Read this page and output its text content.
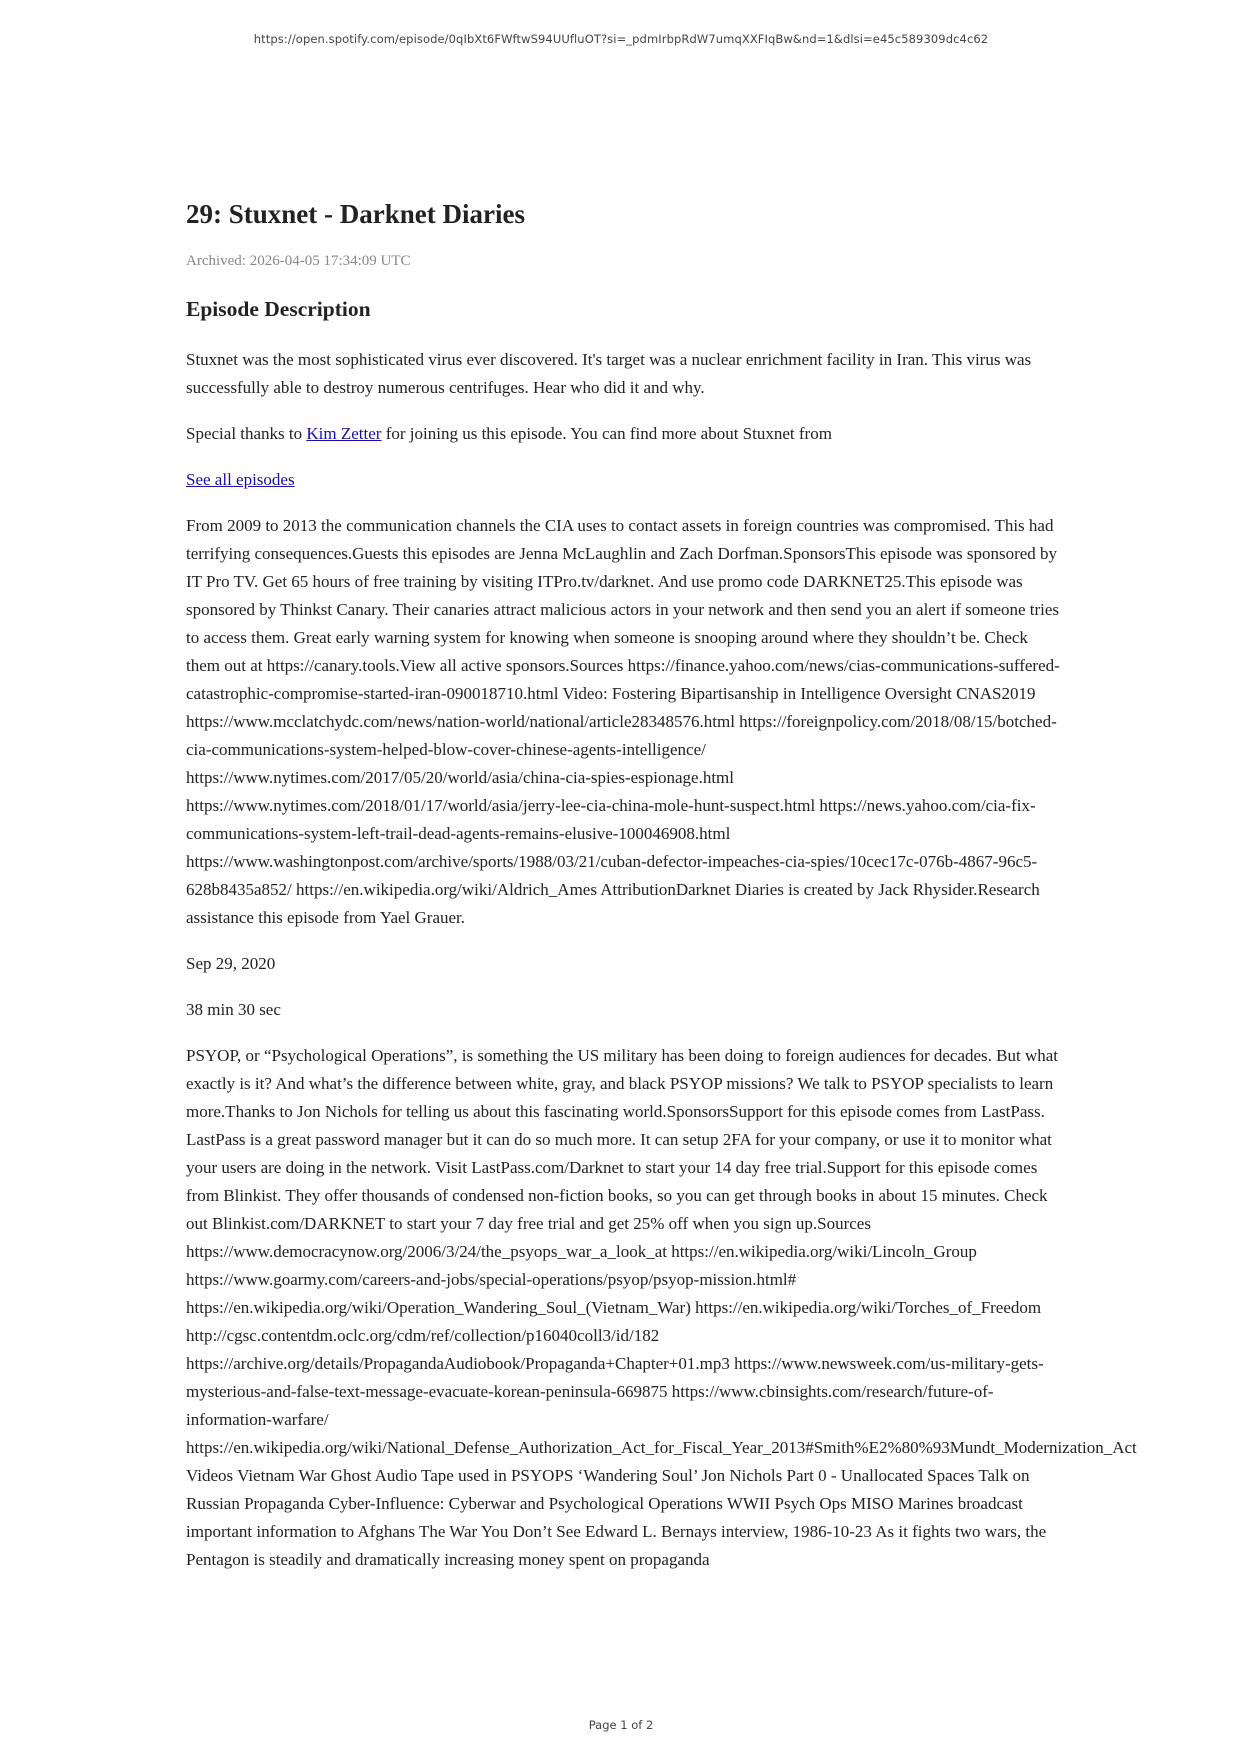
https://open.spotify.com/episode/0qIbXt6FWftwS94UUfluOT?si=_pdmIrbpRdW7umqXXFIqBw&nd=1&dlsi=e45c589309dc4c62
29: Stuxnet - Darknet Diaries
Archived: 2026-04-05 17:34:09 UTC
Episode Description

Stuxnet was the most sophisticated virus ever discovered. It's target was a nuclear enrichment facility in Iran. This virus was successfully able to destroy numerous centrifuges. Hear who did it and why.

Special thanks to Kim Zetter for joining us this episode. You can find more about Stuxnet from

See all episodes

From 2009 to 2013 the communication channels the CIA uses to contact assets in foreign countries was compromised. This had terrifying consequences.Guests this episodes are Jenna McLaughlin and Zach Dorfman.SponsorsThis episode was sponsored by IT Pro TV. Get 65 hours of free training by visiting ITPro.tv/darknet. And use promo code DARKNET25.This episode was sponsored by Thinkst Canary. Their canaries attract malicious actors in your network and then send you an alert if someone tries to access them. Great early warning system for knowing when someone is snooping around where they shouldn’t be. Check them out at https://canary.tools.View all active sponsors.Sources https://finance.yahoo.com/news/cias-communications-suffered-catastrophic-compromise-started-iran-090018710.html Video: Fostering Bipartisanship in Intelligence Oversight CNAS2019 https://www.mcclatchydc.com/news/nation-world/national/article28348576.html https://foreignpolicy.com/2018/08/15/botched-cia-communications-system-helped-blow-cover-chinese-agents-intelligence/ https://www.nytimes.com/2017/05/20/world/asia/china-cia-spies-espionage.html https://www.nytimes.com/2018/01/17/world/asia/jerry-lee-cia-china-mole-hunt-suspect.html https://news.yahoo.com/cia-fix-communications-system-left-trail-dead-agents-remains-elusive-100046908.html https://www.washingtonpost.com/archive/sports/1988/03/21/cuban-defector-impeaches-cia-spies/10cec17c-076b-4867-96c5-628b8435a852/ https://en.wikipedia.org/wiki/Aldrich_Ames AttributionDarknet Diaries is created by Jack Rhysider.Research assistance this episode from Yael Grauer.

Sep 29, 2020

38 min 30 sec

PSYOP, or “Psychological Operations”, is something the US military has been doing to foreign audiences for decades. But what exactly is it? And what’s the difference between white, gray, and black PSYOP missions? We talk to PSYOP specialists to learn more.Thanks to Jon Nichols for telling us about this fascinating world.SponsorsSupport for this episode comes from LastPass. LastPass is a great password manager but it can do so much more. It can setup 2FA for your company, or use it to monitor what your users are doing in the network. Visit LastPass.com/Darknet to start your 14 day free trial.Support for this episode comes from Blinkist. They offer thousands of condensed non-fiction books, so you can get through books in about 15 minutes. Check out Blinkist.com/DARKNET to start your 7 day free trial and get 25% off when you sign up.Sources https://www.democracynow.org/2006/3/24/the_psyops_war_a_look_at https://en.wikipedia.org/wiki/Lincoln_Group https://www.goarmy.com/careers-and-jobs/special-operations/psyop/psyop-mission.html# https://en.wikipedia.org/wiki/Operation_Wandering_Soul_(Vietnam_War) https://en.wikipedia.org/wiki/Torches_of_Freedom http://cgsc.contentdm.oclc.org/cdm/ref/collection/p16040coll3/id/182 https://archive.org/details/PropagandaAudiobook/Propaganda+Chapter+01.mp3 https://www.newsweek.com/us-military-gets-mysterious-and-false-text-message-evacuate-korean-peninsula-669875 https://www.cbinsights.com/research/future-of-information-warfare/
https://en.wikipedia.org/wiki/National_Defense_Authorization_Act_for_Fiscal_Year_2013#Smith%E2%80%93Mundt_Modernization_Act
Videos Vietnam War Ghost Audio Tape used in PSYOPS ‘Wandering Soul’ Jon Nichols Part 0 - Unallocated Spaces Talk on Russian Propaganda Cyber-Influence: Cyberwar and Psychological Operations WWII Psych Ops MISO Marines broadcast important information to Afghans The War You Don’t See Edward L. Bernays interview, 1986-10-23 As it fights two wars, the Pentagon is steadily and dramatically increasing money spent on propaganda

Page 1 of 2
